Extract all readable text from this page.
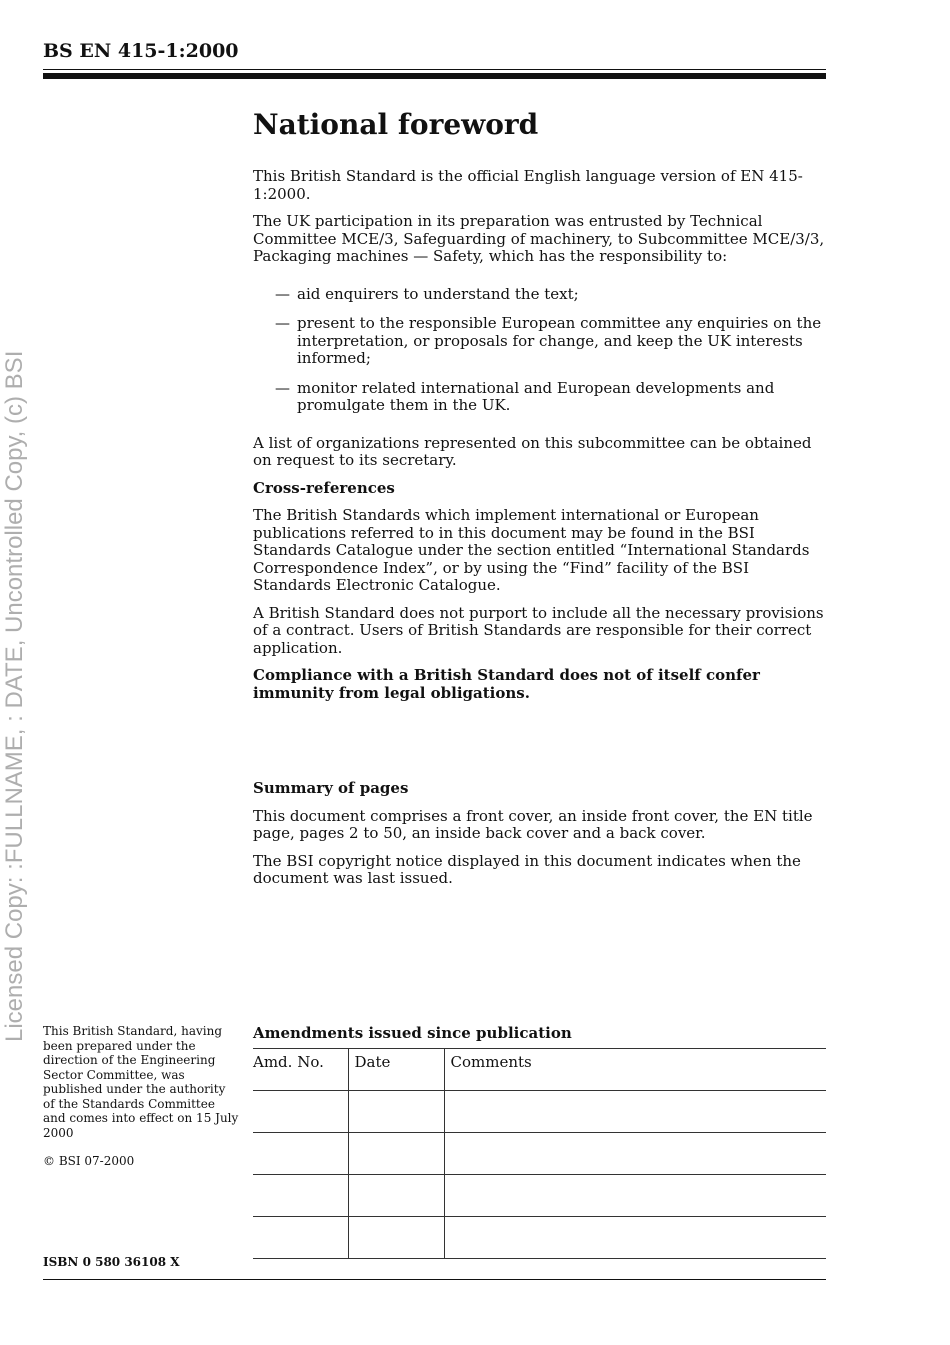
BS EN 415-1:2000
Licensed Copy: :FULLNAME, : DATE, Uncontrolled Copy, (c) BSI
National foreword

This British Standard is the official English language version of EN 415-1:2000.

The UK participation in its preparation was entrusted by Technical Committee MCE/3, Safeguarding of machinery, to Subcommittee MCE/3/3, Packaging machines — Safety, which has the responsibility to:

— aid enquirers to understand the text;
— present to the responsible European committee any enquiries on the interpretation, or proposals for change, and keep the UK interests informed;
— monitor related international and European developments and promulgate them in the UK.

A list of organizations represented on this subcommittee can be obtained on request to its secretary.

Cross-references

The British Standards which implement international or European publications referred to in this document may be found in the BSI Standards Catalogue under the section entitled “International Standards Correspondence Index”, or by using the “Find” facility of the BSI Standards Electronic Catalogue.

A British Standard does not purport to include all the necessary provisions of a contract. Users of British Standards are responsible for their correct application.

Compliance with a British Standard does not of itself confer immunity from legal obligations.

Summary of pages

This document comprises a front cover, an inside front cover, the EN title page, pages 2 to 50, an inside back cover and a back cover.

The BSI copyright notice displayed in this document indicates when the document was last issued.

This British Standard, having been prepared under the direction of the Engineering Sector Committee, was published under the authority of the Standards Committee and comes into effect on 15 July 2000
© BSI 07-2000
ISBN 0 580 36108 X
Amendments issued since publication
Amd. No.	Date	Comments
